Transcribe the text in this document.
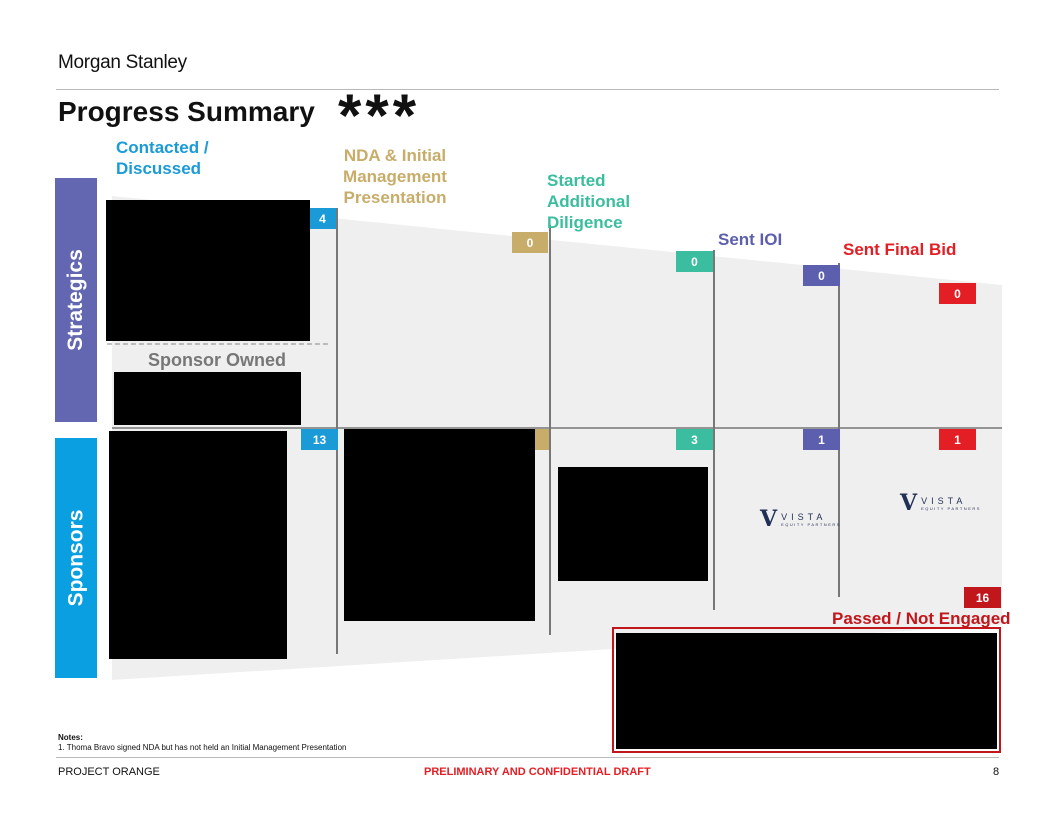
Morgan Stanley
Progress Summary ***
Contacted / Discussed
NDA & Initial Management Presentation
Started Additional Diligence
Sent IOI
Sent Final Bid
Passed / Not Engaged
Strategics
Sponsors
Sponsor Owned
4
0
0
0
0
13	3	1	1
16
V VISTA
EQUITY PARTNERS
V VISTA
EQUITY PARTNERS
Notes:
1. Thoma Bravo signed NDA but has not held an Initial Management Presentation
PROJECT ORANGE	PRELIMINARY AND CONFIDENTIAL DRAFT	8
